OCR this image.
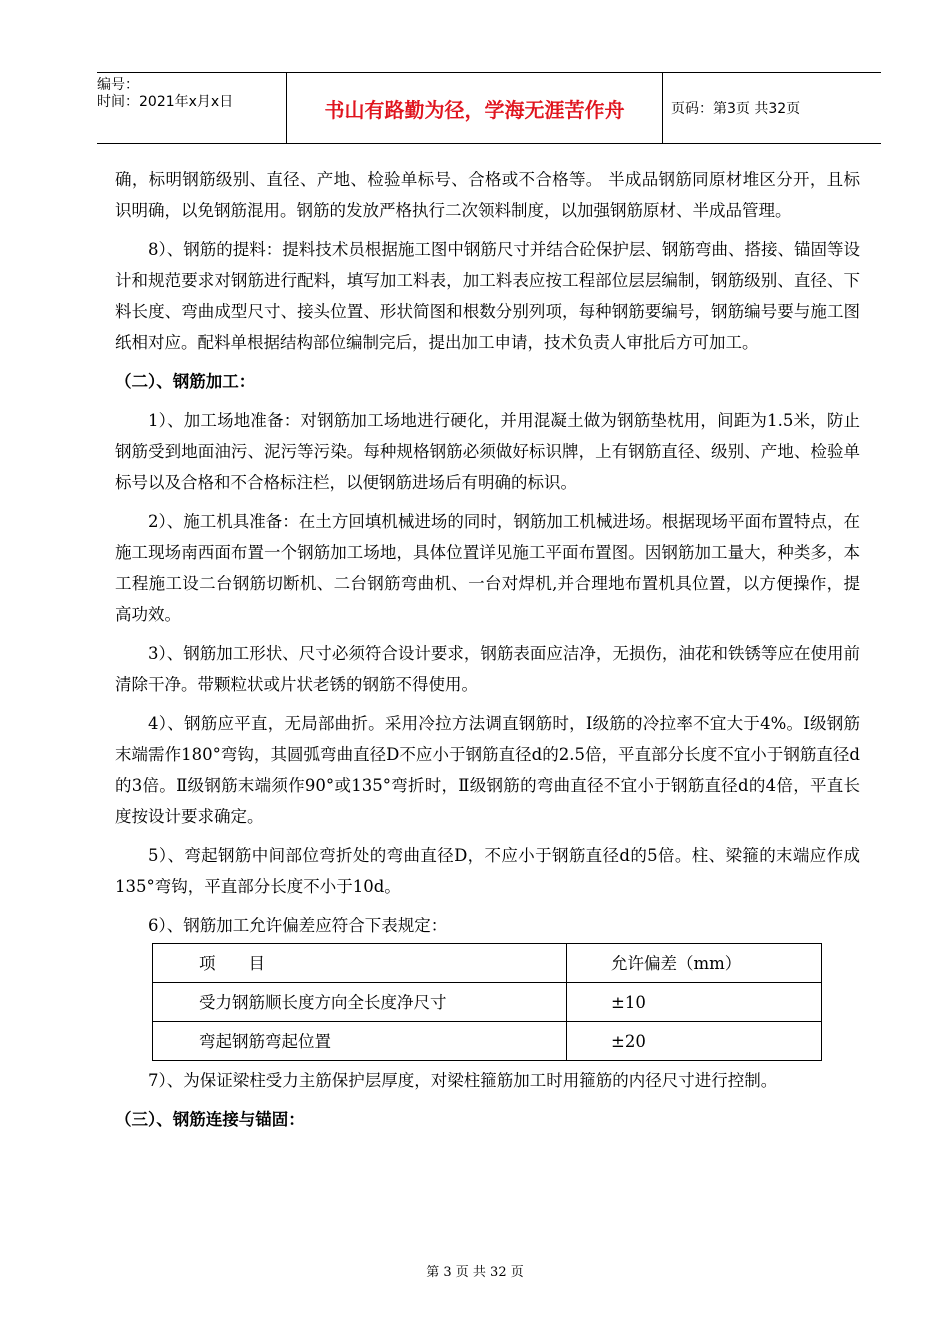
编号：
时间：2021年x月x日	书山有路勤为径，学海无涯苦作舟	页码：第3页 共32页

确，标明钢筋级别、直径、产地、检验单标号、合格或不合格等。 半成品钢筋同原材堆区分开，且标识明确，以免钢筋混用。钢筋的发放严格执行二次领料制度，以加强钢筋原材、半成品管理。

8）、钢筋的提料：提料技术员根据施工图中钢筋尺寸并结合砼保护层、钢筋弯曲、搭接、锚固等设计和规范要求对钢筋进行配料，填写加工料表，加工料表应按工程部位层层编制，钢筋级别、直径、下料长度、弯曲成型尺寸、接头位置、形状简图和根数分别列项，每种钢筋要编号，钢筋编号要与施工图纸相对应。配料单根据结构部位编制完后，提出加工申请，技术负责人审批后方可加工。

（二）、钢筋加工：

1）、加工场地准备：对钢筋加工场地进行硬化，并用混凝土做为钢筋垫枕用，间距为1.5米，防止钢筋受到地面油污、泥污等污染。每种规格钢筋必须做好标识牌，上有钢筋直径、级别、产地、检验单标号以及合格和不合格标注栏，以便钢筋进场后有明确的标识。

2）、施工机具准备：在土方回填机械进场的同时，钢筋加工机械进场。根据现场平面布置特点，在施工现场南西面布置一个钢筋加工场地，具体位置详见施工平面布置图。因钢筋加工量大，种类多，本工程施工设二台钢筋切断机、二台钢筋弯曲机、一台对焊机,并合理地布置机具位置，以方便操作，提高功效。

3）、钢筋加工形状、尺寸必须符合设计要求，钢筋表面应洁净，无损伤，油花和铁锈等应在使用前清除干净。带颗粒状或片状老锈的钢筋不得使用。

4）、钢筋应平直，无局部曲折。采用冷拉方法调直钢筋时，Ⅰ级筋的冷拉率不宜大于4%。Ⅰ级钢筋末端需作180°弯钩，其圆弧弯曲直径D不应小于钢筋直径d的2.5倍，平直部分长度不宜小于钢筋直径d的3倍。Ⅱ级钢筋末端须作90°或135°弯折时，Ⅱ级钢筋的弯曲直径不宜小于钢筋直径d的4倍，平直长度按设计要求确定。

5）、弯起钢筋中间部位弯折处的弯曲直径D，不应小于钢筋直径d的5倍。柱、梁箍的末端应作成135°弯钩，平直部分长度不小于10d。

6）、钢筋加工允许偏差应符合下表规定：

项　　目	允许偏差（mm）
受力钢筋顺长度方向全长度净尺寸	±10
弯起钢筋弯起位置	±20

7）、为保证梁柱受力主筋保护层厚度，对梁柱箍筋加工时用箍筋的内径尺寸进行控制。

（三）、钢筋连接与锚固：

第 3 页 共 32 页
